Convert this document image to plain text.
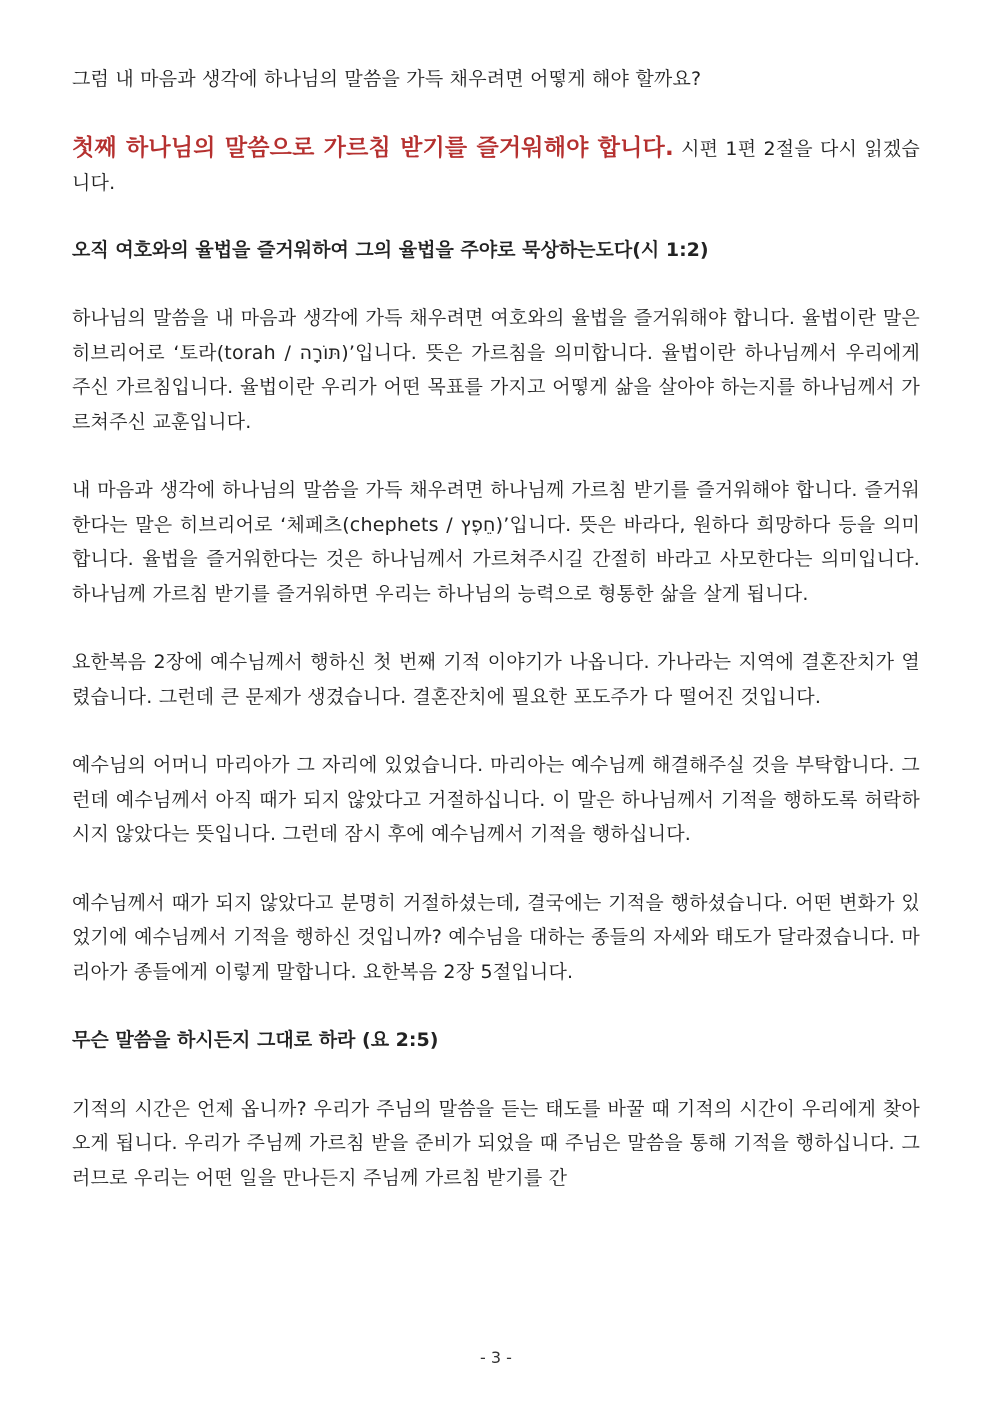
그럼 내 마음과 생각에 하나님의 말씀을 가득 채우려면 어떻게 해야 할까요?

첫째 하나님의 말씀으로 가르침 받기를 즐거워해야 합니다. 시편 1편 2절을 다시 읽겠습니다.

오직 여호와의 율법을 즐거워하여 그의 율법을 주야로 묵상하는도다(시 1:2)

하나님의 말씀을 내 마음과 생각에 가득 채우려면 여호와의 율법을 즐거워해야 합니다. 율법이란 말은 히브리어로 ‘토라(torah / תּוֹרָה)’입니다. 뜻은 가르침을 의미합니다. 율법이란 하나님께서 우리에게 주신 가르침입니다. 율법이란 우리가 어떤 목표를 가지고 어떻게 삶을 살아야 하는지를 하나님께서 가르쳐주신 교훈입니다.

내 마음과 생각에 하나님의 말씀을 가득 채우려면 하나님께 가르침 받기를 즐거워해야 합니다. 즐거워한다는 말은 히브리어로 ‘체페츠(chephets / חֵפֶץ)’입니다. 뜻은 바라다, 원하다 희망하다 등을 의미합니다. 율법을 즐거워한다는 것은 하나님께서 가르쳐주시길 간절히 바라고 사모한다는 의미입니다. 하나님께 가르침 받기를 즐거워하면 우리는 하나님의 능력으로 형통한 삶을 살게 됩니다.

요한복음 2장에 예수님께서 행하신 첫 번째 기적 이야기가 나옵니다. 가나라는 지역에 결혼잔치가 열렸습니다. 그런데 큰 문제가 생겼습니다. 결혼잔치에 필요한 포도주가 다 떨어진 것입니다.

예수님의 어머니 마리아가 그 자리에 있었습니다. 마리아는 예수님께 해결해주실 것을 부탁합니다. 그런데 예수님께서 아직 때가 되지 않았다고 거절하십니다. 이 말은 하나님께서 기적을 행하도록 허락하시지 않았다는 뜻입니다. 그런데 잠시 후에 예수님께서 기적을 행하십니다.

예수님께서 때가 되지 않았다고 분명히 거절하셨는데, 결국에는 기적을 행하셨습니다. 어떤 변화가 있었기에 예수님께서 기적을 행하신 것입니까? 예수님을 대하는 종들의 자세와 태도가 달라졌습니다. 마리아가 종들에게 이렇게 말합니다. 요한복음 2장 5절입니다.

무슨 말씀을 하시든지 그대로 하라 (요 2:5)

기적의 시간은 언제 옵니까? 우리가 주님의 말씀을 듣는 태도를 바꿀 때 기적의 시간이 우리에게 찾아오게 됩니다. 우리가 주님께 가르침 받을 준비가 되었을 때 주님은 말씀을 통해 기적을 행하십니다. 그러므로 우리는 어떤 일을 만나든지 주님께 가르침 받기를 간

- 3 -
